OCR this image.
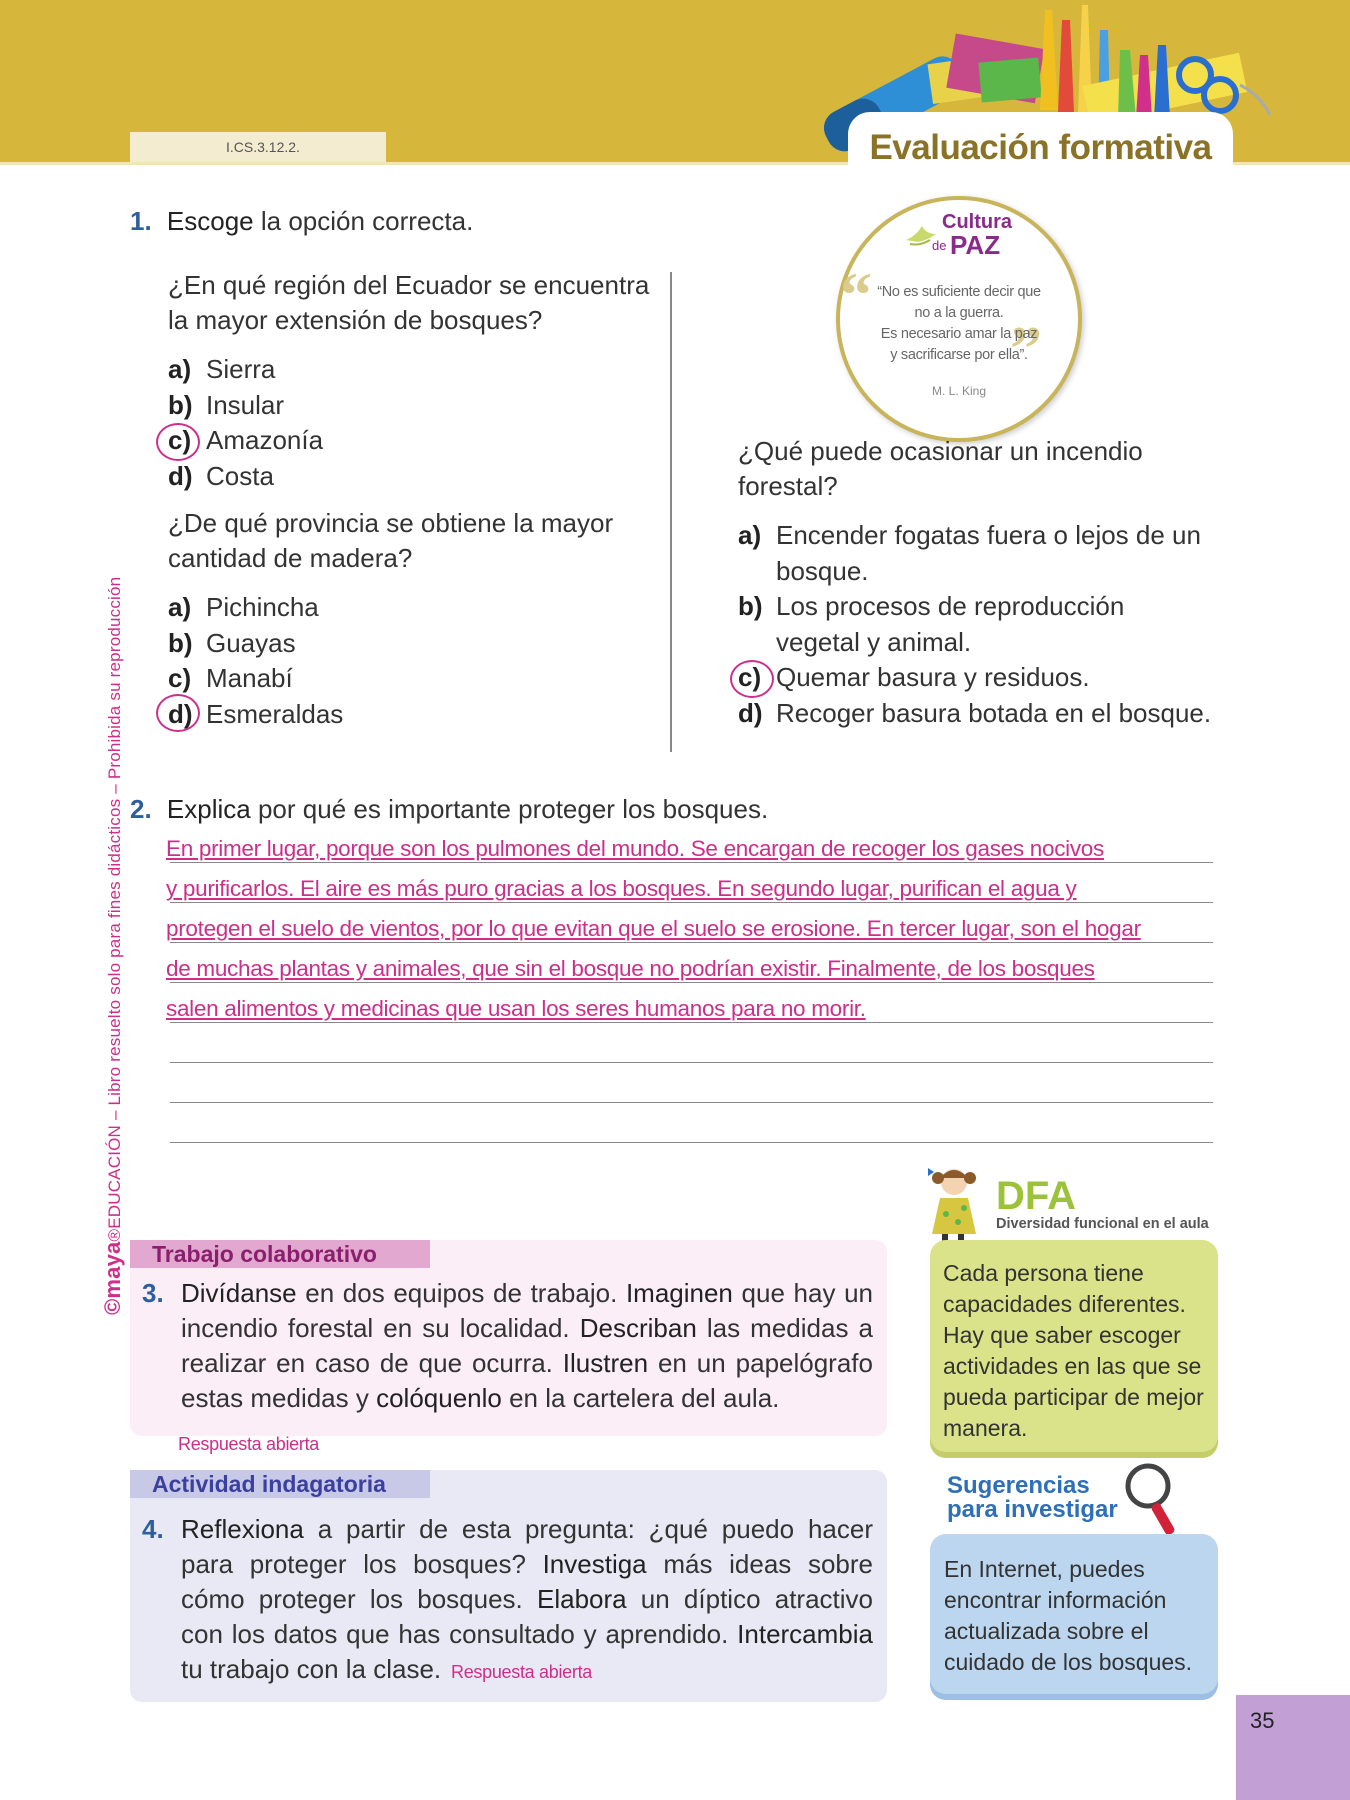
I.CS.3.12.2.	Evaluación formativa
©maya®EDUCACIÓN – Libro resuelto solo para fines didácticos – Prohibida su reproducción
1. Escoge la opción correcta.
¿En qué región del Ecuador se encuentra la mayor extensión de bosques?
a) Sierra
b) Insular
c) Amazonía
d) Costa
¿De qué provincia se obtiene la mayor cantidad de madera?
a) Pichincha
b) Guayas
c) Manabí
d) Esmeraldas
Cultura
de PAZ
“
”
“No es suficiente decir que
no a la guerra.
Es necesario amar la paz
y sacrificarse por ella”.
M. L. King
¿Qué puede ocasionar un incendio forestal?
a) Encender fogatas fuera o lejos de un
bosque.
b) Los procesos de reproducción
vegetal y animal.
c) Quemar basura y residuos.
d) Recoger basura botada en el bosque.
2. Explica por qué es importante proteger los bosques.
En primer lugar, porque son los pulmones del mundo. Se encargan de recoger los gases nocivos
y purificarlos. El aire es más puro gracias a los bosques. En segundo lugar, purifican el agua y
protegen el suelo de vientos, por lo que evitan que el suelo se erosione. En tercer lugar, son el hogar
de muchas plantas y animales, que sin el bosque no podrían existir. Finalmente, de los bosques
salen alimentos y medicinas que usan los seres humanos para no morir.
Trabajo colaborativo
3. Divídanse en dos equipos de trabajo. Imaginen que hay un incendio forestal en su localidad. Describan las medidas a realizar en caso de que ocurra. Ilustren en un papelógrafo estas medidas y colóquenlo en la cartelera del aula.
Respuesta abierta
Actividad indagatoria
4. Reflexiona a partir de esta pregunta: ¿qué puedo hacer para proteger los bosques? Investiga más ideas sobre cómo proteger los bosques. Elabora un díptico atractivo con los datos que has consultado y aprendido. Intercambia tu trabajo con la clase. Respuesta abierta
DFA
Diversidad funcional en el aula
Cada persona tiene capacidades diferentes. Hay que saber escoger actividades en las que se pueda participar de mejor manera.
Sugerencias
para investigar
En Internet, puedes encontrar información actualizada sobre el cuidado de los bosques.
35
